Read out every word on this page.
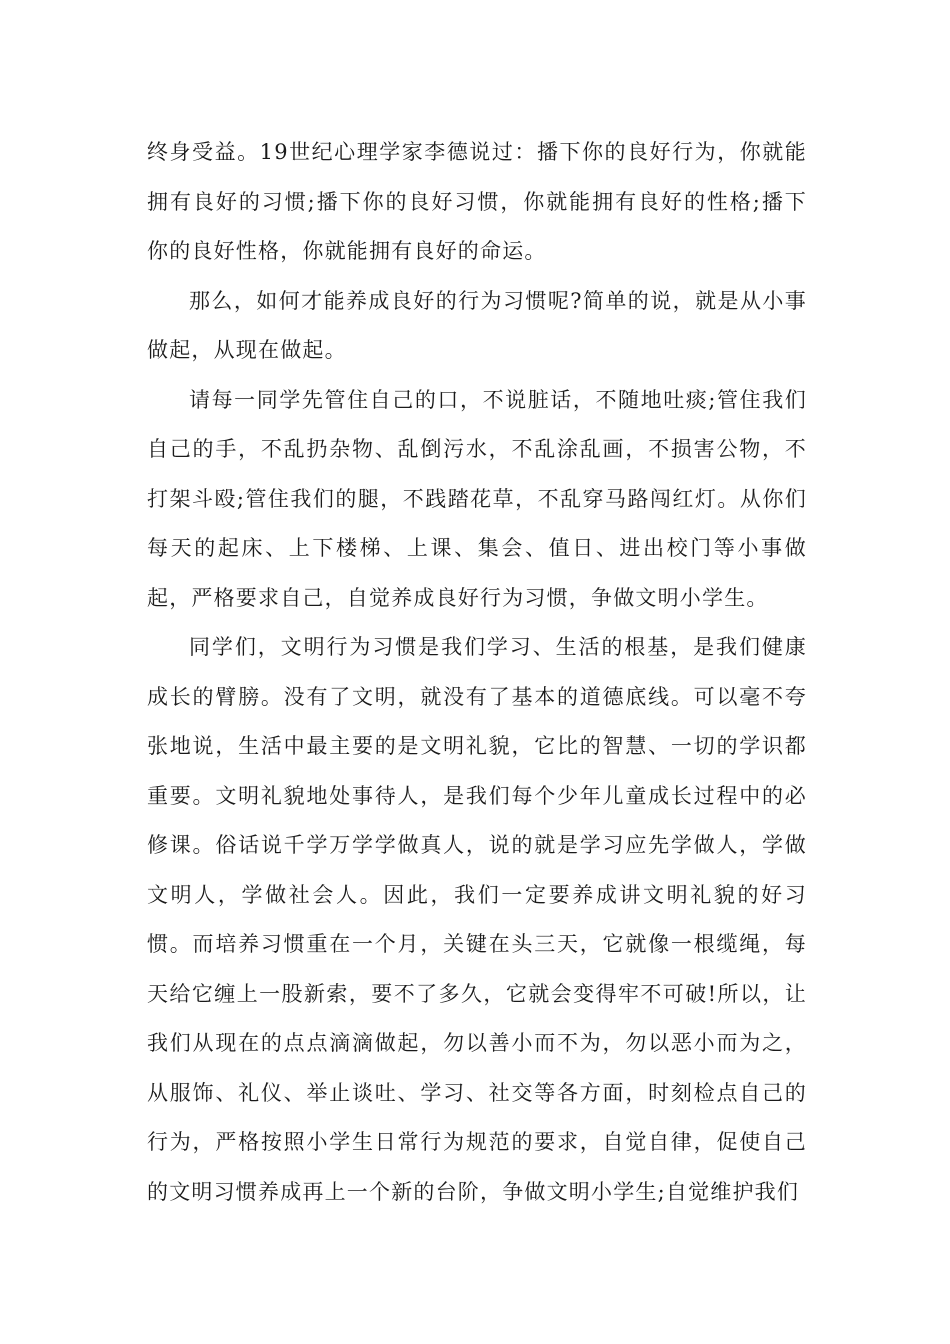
终身受益。19世纪心理学家李德说过：播下你的良好行为，你就能拥有良好的习惯;播下你的良好习惯，你就能拥有良好的性格;播下你的良好性格，你就能拥有良好的命运。

那么，如何才能养成良好的行为习惯呢?简单的说，就是从小事做起，从现在做起。

请每一同学先管住自己的口，不说脏话，不随地吐痰;管住我们自己的手，不乱扔杂物、乱倒污水，不乱涂乱画，不损害公物，不打架斗殴;管住我们的腿，不践踏花草，不乱穿马路闯红灯。从你们每天的起床、上下楼梯、上课、集会、值日、进出校门等小事做起，严格要求自己，自觉养成良好行为习惯，争做文明小学生。

同学们，文明行为习惯是我们学习、生活的根基，是我们健康成长的臂膀。没有了文明，就没有了基本的道德底线。可以毫不夸张地说，生活中最主要的是文明礼貌，它比的智慧、一切的学识都重要。文明礼貌地处事待人，是我们每个少年儿童成长过程中的必修课。俗话说千学万学学做真人，说的就是学习应先学做人，学做文明人，学做社会人。因此，我们一定要养成讲文明礼貌的好习惯。而培养习惯重在一个月，关键在头三天，它就像一根缆绳，每天给它缠上一股新索，要不了多久，它就会变得牢不可破!所以，让我们从现在的点点滴滴做起，勿以善小而不为，勿以恶小而为之，从服饰、礼仪、举止谈吐、学习、社交等各方面，时刻检点自己的行为，严格按照小学生日常行为规范的要求，自觉自律，促使自己的文明习惯养成再上一个新的台阶，争做文明小学生;自觉维护我们
